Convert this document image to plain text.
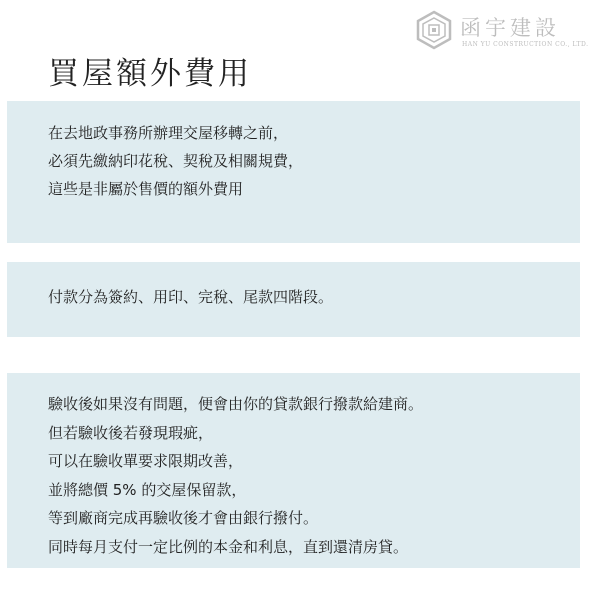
函宇建設
HAN YU CONSTRUCTION CO., LTD.
買屋額外費用
在去地政事務所辦理交屋移轉之前，
必須先繳納印花稅、契稅及相關規費，
這些是非屬於售價的額外費用
付款分為簽約、用印、完稅、尾款四階段。
驗收後如果沒有問題，便會由你的貸款銀行撥款給建商。
但若驗收後若發現瑕疵，
可以在驗收單要求限期改善，
並將總價 5% 的交屋保留款，
等到廠商完成再驗收後才會由銀行撥付。
同時每月支付一定比例的本金和利息，直到還清房貸。
